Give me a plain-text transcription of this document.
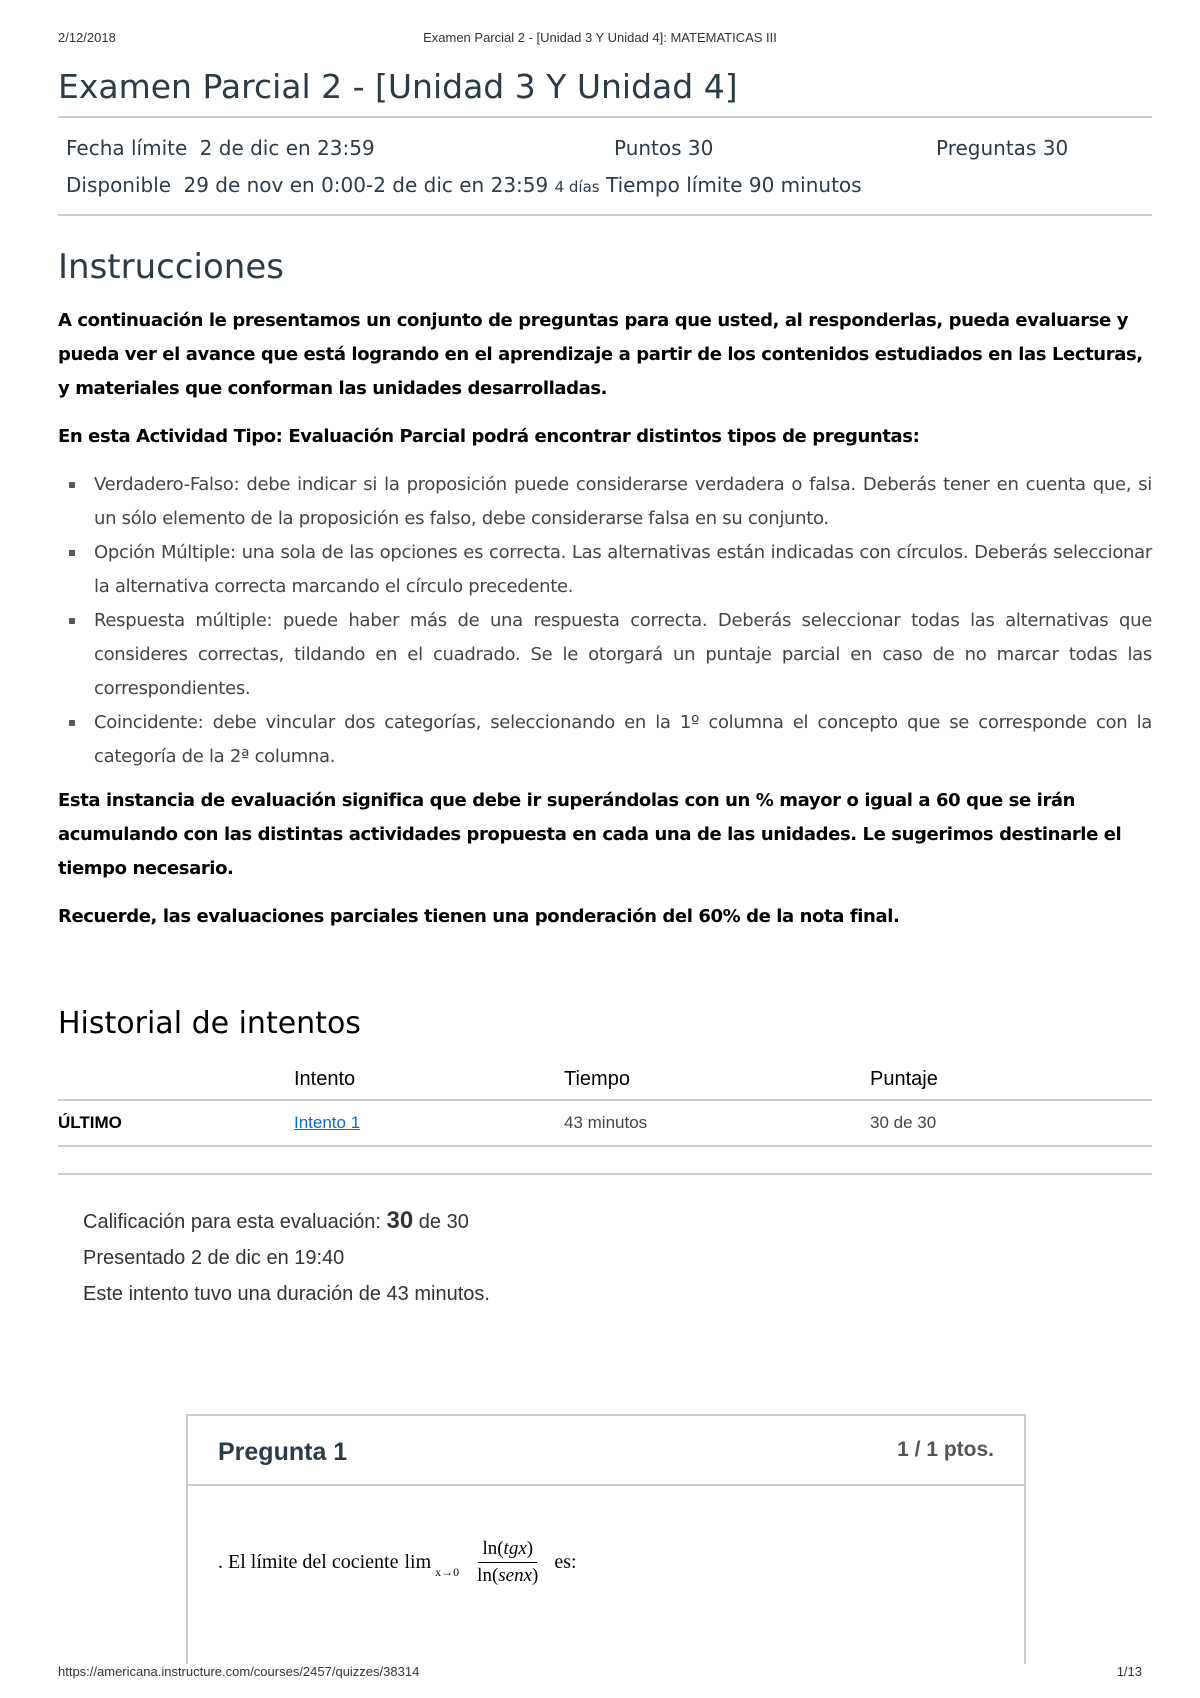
2/12/2018	Examen Parcial 2 - [Unidad 3 Y Unidad 4]: MATEMATICAS III
Examen Parcial 2 - [Unidad 3 Y Unidad 4]
Fecha límite 2 de dic en 23:59	Puntos 30	Preguntas 30
Disponible 29 de nov en 0:00-2 de dic en 23:59 4 días Tiempo límite 90 minutos
Instrucciones

A continuación le presentamos un conjunto de preguntas para que usted, al responderlas, pueda evaluarse y pueda ver el avance que está logrando en el aprendizaje a partir de los contenidos estudiados en las Lecturas, y materiales que conforman las unidades desarrolladas.

En esta Actividad Tipo: Evaluación Parcial podrá encontrar distintos tipos de preguntas:

Verdadero-Falso: debe indicar si la proposición puede considerarse verdadera o falsa. Deberás tener en cuenta que, si un sólo elemento de la proposición es falso, debe considerarse falsa en su conjunto.
Opción Múltiple: una sola de las opciones es correcta. Las alternativas están indicadas con círculos. Deberás seleccionar la alternativa correcta marcando el círculo precedente.
Respuesta múltiple: puede haber más de una respuesta correcta. Deberás seleccionar todas las alternativas que consideres correctas, tildando en el cuadrado. Se le otorgará un puntaje parcial en caso de no marcar todas las correspondientes.
Coincidente: debe vincular dos categorías, seleccionando en la 1º columna el concepto que se corresponde con la categoría de la 2ª columna.

Esta instancia de evaluación significa que debe ir superándolas con un % mayor o igual a 60 que se irán acumulando con las distintas actividades propuesta en cada una de las unidades. Le sugerimos destinarle el tiempo necesario.

Recuerde, las evaluaciones parciales tienen una ponderación del 60% de la nota final.

Historial de intentos
	Intento	Tiempo	Puntaje
ÚLTIMO	Intento 1	43 minutos	30 de 30
Calificación para esta evaluación: 30 de 30
Presentado 2 de dic en 19:40
Este intento tuvo una duración de 43 minutos.
Pregunta 1	1 / 1 ptos.
. El límite del cociente $\lim x\to 0 \frac{\text{ln(tgx)}}{\text{ln(senx)}}$ es:
https://americana.instructure.com/courses/2457/quizzes/38314	1/13
